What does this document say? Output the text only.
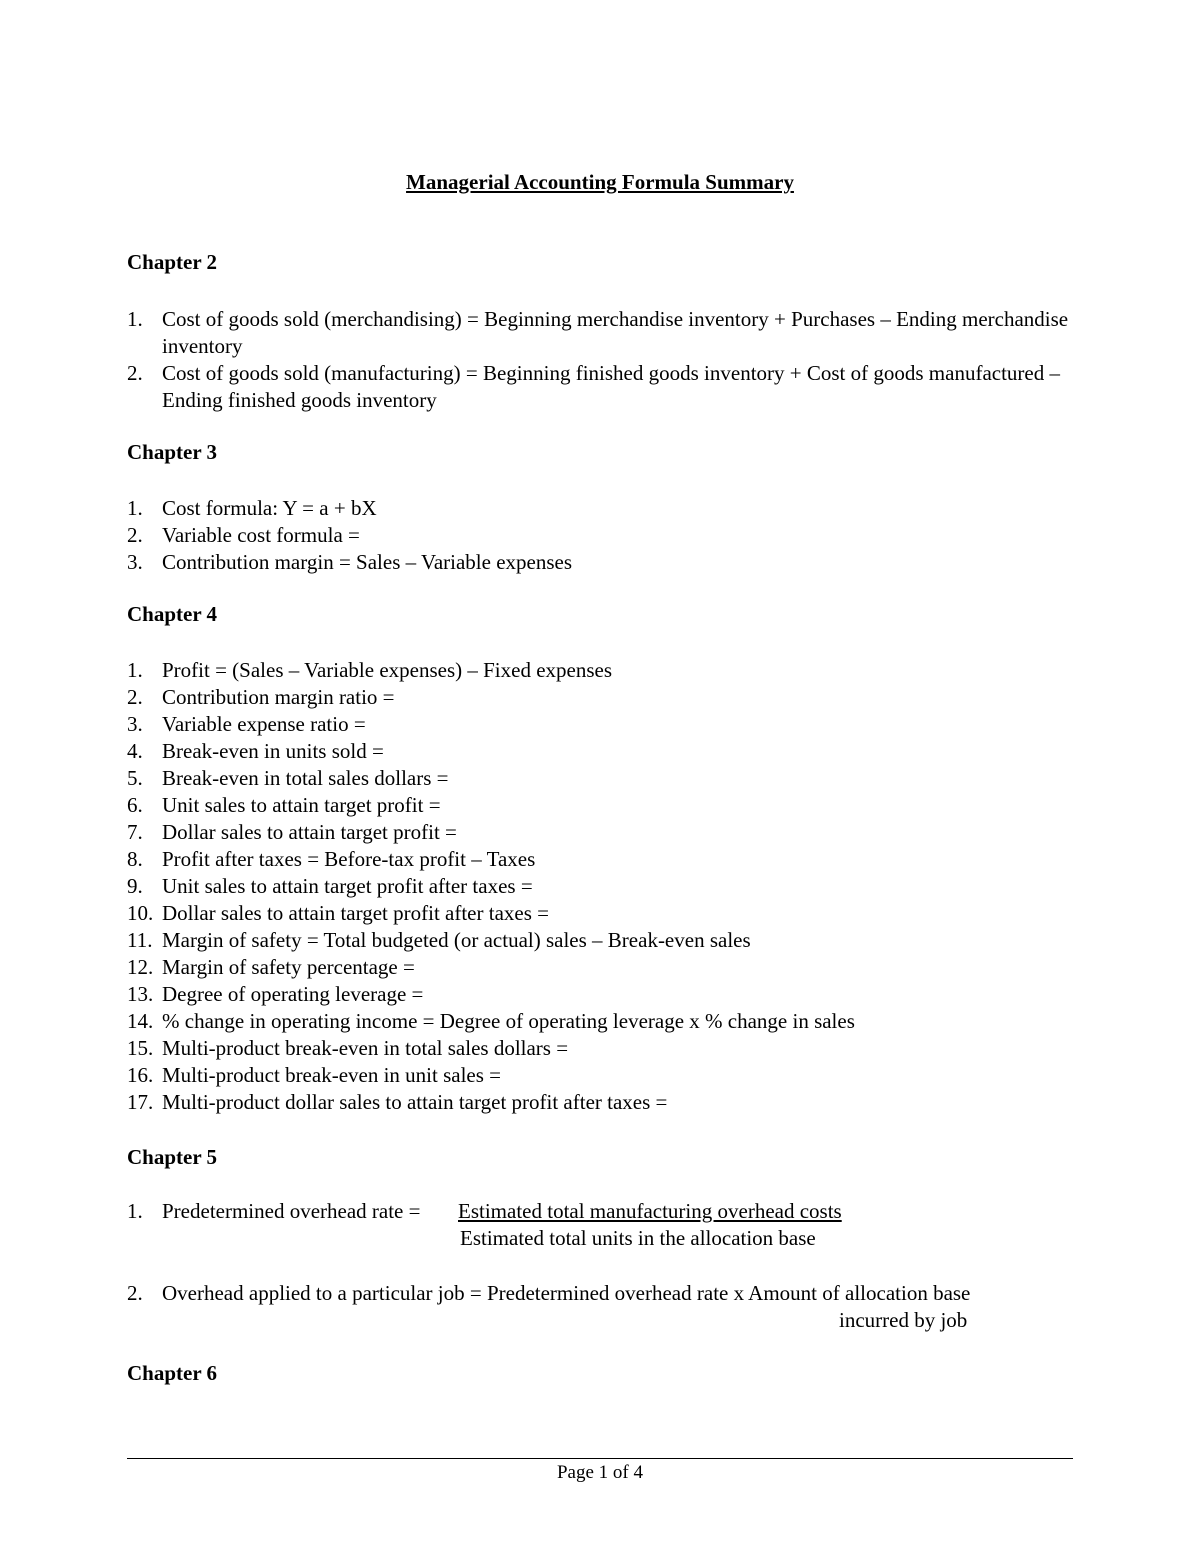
Managerial Accounting Formula Summary
Chapter 2
1. Cost of goods sold (merchandising) = Beginning merchandise inventory + Purchases – Ending merchandise inventory
2. Cost of goods sold (manufacturing) = Beginning finished goods inventory + Cost of goods manufactured – Ending finished goods inventory
Chapter 3
1. Cost formula: Y = a + bX
2. Variable cost formula =
3. Contribution margin = Sales – Variable expenses
Chapter 4
1. Profit = (Sales – Variable expenses) – Fixed expenses
2. Contribution margin ratio =
3. Variable expense ratio =
4. Break-even in units sold =
5. Break-even in total sales dollars =
6. Unit sales to attain target profit =
7. Dollar sales to attain target profit =
8. Profit after taxes = Before-tax profit – Taxes
9. Unit sales to attain target profit after taxes =
10. Dollar sales to attain target profit after taxes =
11. Margin of safety = Total budgeted (or actual) sales – Break-even sales
12. Margin of safety percentage =
13. Degree of operating leverage =
14. % change in operating income = Degree of operating leverage x % change in sales
15. Multi-product break-even in total sales dollars =
16. Multi-product break-even in unit sales =
17. Multi-product dollar sales to attain target profit after taxes =
Chapter 5
1. Predetermined overhead rate = Estimated total manufacturing overhead costs
Estimated total units in the allocation base
2. Overhead applied to a particular job = Predetermined overhead rate x Amount of allocation base
incurred by job
Chapter 6
Page 1 of 4
